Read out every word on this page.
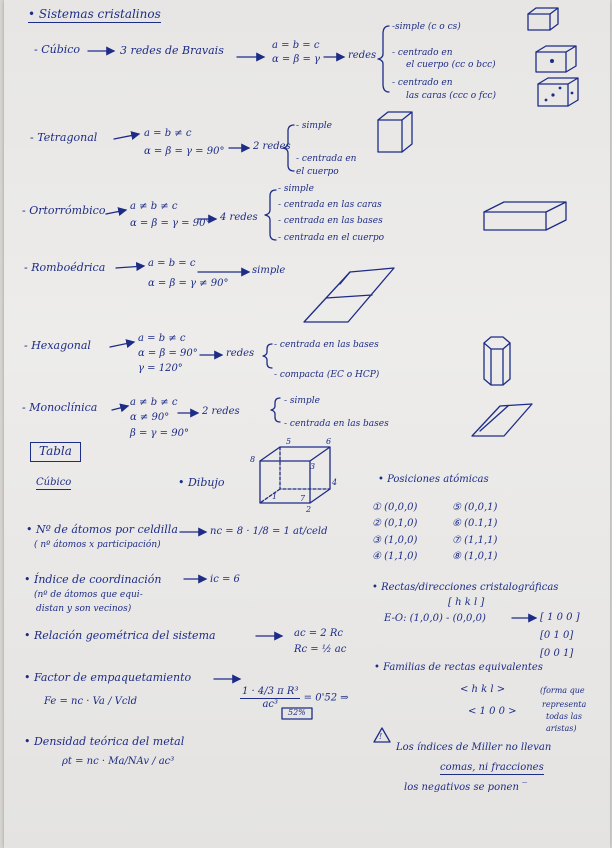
• Sistemas cristalinos
- Cúbico	3 redes de Bravais	a = b = c
α = β = γ	redes
-simple (c o cs)
- centrado en
el cuerpo (cc o bcc)
- centrado en
las caras (ccc o fcc)
- Tetragonal	a = b ≠ c
α = β = γ = 90°	2 redes
- simple
- centrada en
el cuerpo
- Ortorrómbico a ≠ b ≠ c
α = β = γ = 90°
4 redes
- simple
- centrada en las caras
- centrada en las bases
- centrada en el cuerpo
- Romboédrica	a = b = c
α = β = γ ≠ 90°
simple
- Hexagonal
a = b ≠ c
α = β = 90°
γ = 120°
redes
- centrada en las bases
- compacta (EC o HCP)
- Monoclínica	a ≠ b ≠ c
α ≠ 90°
β = γ = 90°
2 redes
- simple
- centrada en las bases
Tabla
Cúbico	• Dibujo
1
2
3
4
5	6
7
8
• Posiciones atómicas
① (0,0,0)
② (0,1,0)
③ (1,0,0)
④ (1,1,0)
⑤ (0,0,1)
⑥ (0.1,1)
⑦ (1,1,1)
⑧ (1,0,1)
• Nº de átomos por celdilla
( nº átomos x participación)
nc = 8 · 1/8 = 1 at/celd
• Índice de coordinación	ic = 6
(nº de átomos que equi-
distan y son vecinos)
• Relación geométrica del sistema	ac = 2 Rc
Rc = ½ ac
• Factor de empaquetamiento
Fe = nc · Va / Vcld	$\frac{\text{1 · 4/3 π R³}}{\text{ac³}} = 0'52$ ⇒
52%
• Densidad teórica del metal
ρt = nc · Ma/NAv / ac³
• Rectas/direcciones cristalográficas
[ h k l ]
E-O: (1,0,0) - (0,0,0)	[ 1 0 0 ]
[0 1 0]
[0 0 1]
• Familias de rectas equivalentes
< h k l >	(forma que
< 1 0 0 >
representa
todas las
aristas)
!
Los índices de Miller no llevan
comas, ni fracciones
los negativos se ponen ‾
